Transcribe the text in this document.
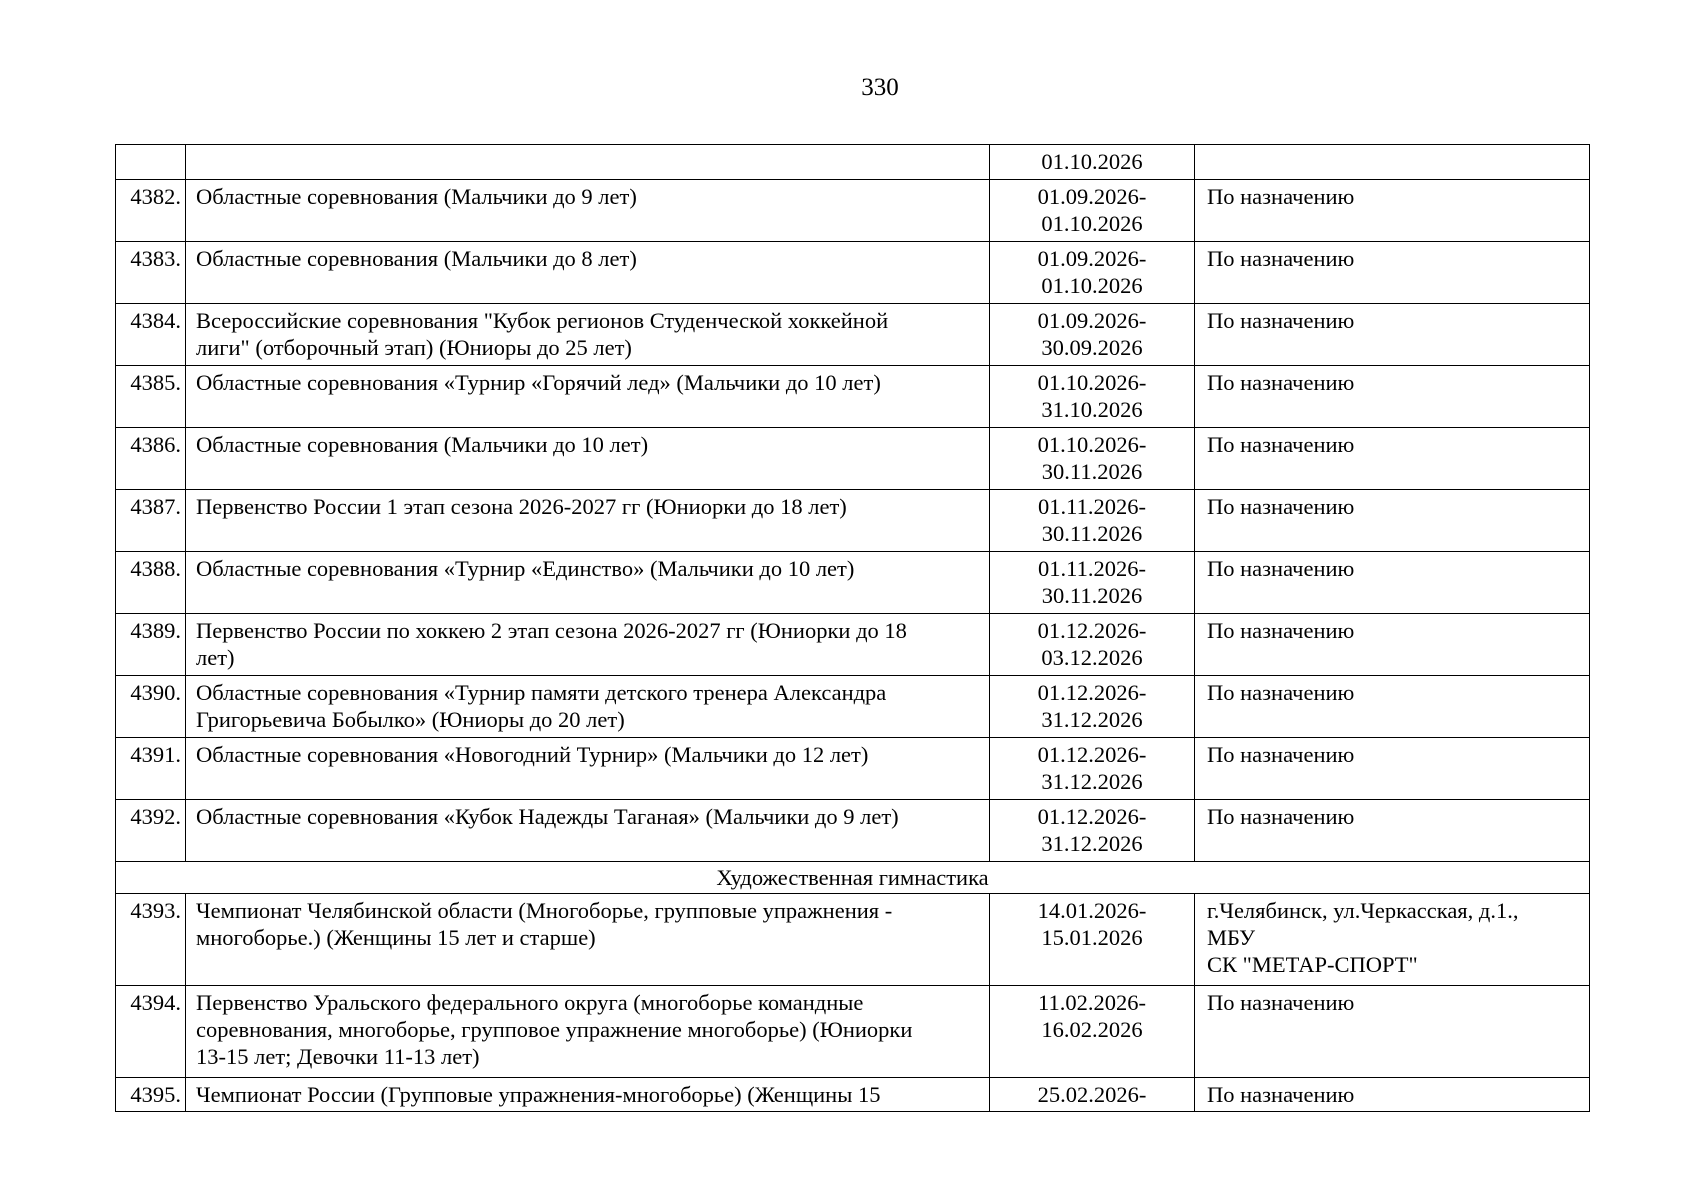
330

		01.10.2026	

4382.	Областные соревнования (Мальчики до 9 лет)	01.09.2026-
01.10.2026	По назначению
4383.	Областные соревнования (Мальчики до 8 лет)	01.09.2026-
01.10.2026	По назначению
4384.	Всероссийские соревнования "Кубок регионов Студенческой хоккейной
лиги" (отборочный этап) (Юниоры до 25 лет)	01.09.2026-
30.09.2026	По назначению
4385.	Областные соревнования «Турнир «Горячий лед» (Мальчики до 10 лет)	01.10.2026-
31.10.2026	По назначению
4386.	Областные соревнования (Мальчики до 10 лет)	01.10.2026-
30.11.2026	По назначению
4387.	Первенство России 1 этап сезона 2026-2027 гг (Юниорки до 18 лет)	01.11.2026-
30.11.2026	По назначению
4388.	Областные соревнования «Турнир «Единство» (Мальчики до 10 лет)	01.11.2026-
30.11.2026	По назначению
4389.	Первенство России по хоккею 2 этап сезона 2026-2027 гг (Юниорки до 18
лет)	01.12.2026-
03.12.2026	По назначению
4390.	Областные соревнования «Турнир памяти детского тренера Александра
Григорьевича Бобылко» (Юниоры до 20 лет)	01.12.2026-
31.12.2026	По назначению
4391.	Областные соревнования «Новогодний Турнир» (Мальчики до 12 лет)	01.12.2026-
31.12.2026	По назначению
4392.	Областные соревнования «Кубок Надежды Таганая» (Мальчики до 9 лет)	01.12.2026-
31.12.2026	По назначению
Художественная гимнастика			
4393.	Чемпионат Челябинской области (Многоборье, групповые упражнения -
многоборье.) (Женщины 15 лет и старше)	14.01.2026-
15.01.2026	г.Челябинск, ул.Черкасская, д.1.,
МБУ
СК "МЕТАР-СПОРТ"

4394.	Первенство Уральского федерального округа (многоборье командные
соревнования, многоборье, групповое упражнение многоборье) (Юниорки
13-15 лет; Девочки 11-13 лет)	11.02.2026-
16.02.2026	По назначению
4395.	Чемпионат России (Групповые упражнения-многоборье) (Женщины 15	25.02.2026-	По назначению
